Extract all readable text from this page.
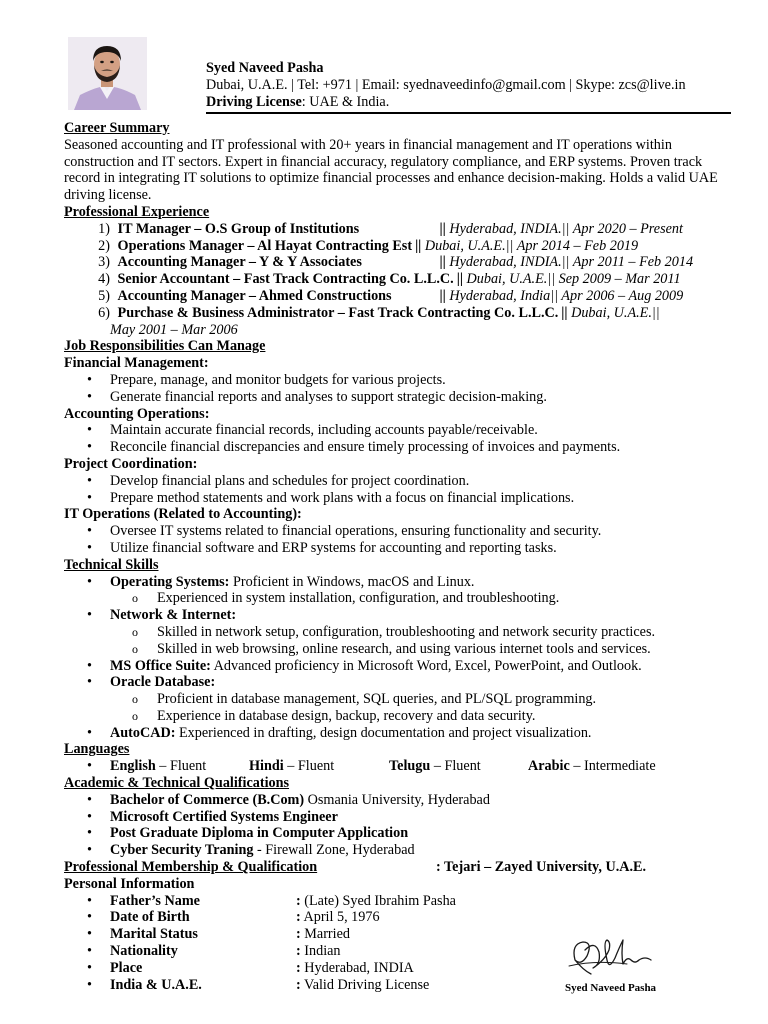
Syed Naveed Pasha
Dubai, U.A.E. | Tel: +971 | Email: syednaveedinfo@gmail.com | Skype: zcs@live.in
Driving License: UAE & India.
Career Summary

Seasoned accounting and IT professional with 20+ years in financial management and IT operations within construction and IT sectors. Expert in financial accuracy, regulatory compliance, and ERP systems. Proven track record in integrating IT solutions to optimize financial processes and enhance decision-making. Holds a valid UAE driving license.

Professional Experience
1) IT Manager – O.S Group of Institutions	|| Hyderabad, INDIA.|| Apr 2020 – Present
2) Operations Manager – Al Hayat Contracting Est || Dubai, U.A.E.|| Apr 2014 – Feb 2019
3) Accounting Manager – Y & Y Associates	|| Hyderabad, INDIA.|| Apr 2011 – Feb 2014
4) Senior Accountant – Fast Track Contracting Co. L.L.C. || Dubai, U.A.E.|| Sep 2009 – Mar 2011
5) Accounting Manager – Ahmed Constructions	|| Hyderabad, India|| Apr 2006 – Aug 2009
6) Purchase & Business Administrator – Fast Track Contracting Co. L.L.C. || Dubai, U.A.E.||
May 2001 – Mar 2006
Job Responsibilities Can Manage
Financial Management:
• Prepare, manage, and monitor budgets for various projects.
• Generate financial reports and analyses to support strategic decision-making.
Accounting Operations:
• Maintain accurate financial records, including accounts payable/receivable.
• Reconcile financial discrepancies and ensure timely processing of invoices and payments.
Project Coordination:
• Develop financial plans and schedules for project coordination.
• Prepare method statements and work plans with a focus on financial implications.
IT Operations (Related to Accounting):
• Oversee IT systems related to financial operations, ensuring functionality and security.
• Utilize financial software and ERP systems for accounting and reporting tasks.
Technical Skills
• Operating Systems: Proficient in Windows, macOS and Linux.
o Experienced in system installation, configuration, and troubleshooting.
• Network & Internet:
o Skilled in network setup, configuration, troubleshooting and network security practices.
o Skilled in web browsing, online research, and using various internet tools and services.
• MS Office Suite: Advanced proficiency in Microsoft Word, Excel, PowerPoint, and Outlook.
• Oracle Database:
o Proficient in database management, SQL queries, and PL/SQL programming.
o Experience in database design, backup, recovery and data security.
• AutoCAD: Experienced in drafting, design documentation and project visualization.
Languages
• English – Fluent	Hindi – Fluent	Telugu – Fluent	Arabic – Intermediate
Academic & Technical Qualifications
• Bachelor of Commerce (B.Com) Osmania University, Hyderabad
• Microsoft Certified Systems Engineer
• Post Graduate Diploma in Computer Application
• Cyber Security Traning - Firewall Zone, Hyderabad
Professional Membership & Qualification	: Tejari – Zayed University, U.A.E.
Personal Information
• Father’s Name	: (Late) Syed Ibrahim Pasha
• Date of Birth	: April 5, 1976
• Marital Status	: Married
• Nationality	: Indian
• Place	: Hyderabad, INDIA
• India & U.A.E.	: Valid Driving License	Syed Naveed Pasha
